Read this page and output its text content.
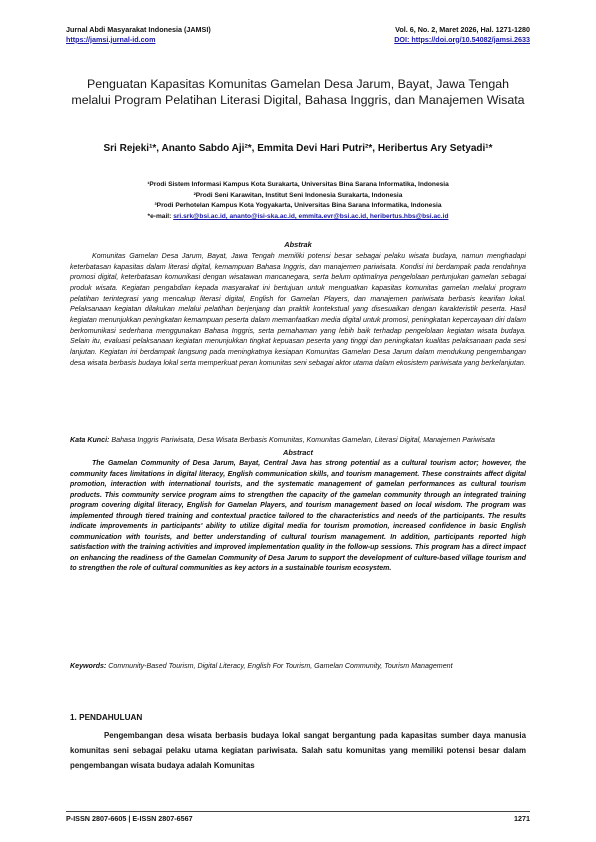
Jurnal Abdi Masyarakat Indonesia (JAMSI)
https://jamsi.jurnal-id.com
Vol. 6, No. 2, Maret 2026, Hal. 1271-1280
DOI: https://doi.org/10.54082/jamsi.2633
Penguatan Kapasitas Komunitas Gamelan Desa Jarum, Bayat, Jawa Tengah melalui Program Pelatihan Literasi Digital, Bahasa Inggris, dan Manajemen Wisata
Sri Rejeki¹*, Ananto Sabdo Aji²*, Emmita Devi Hari Putri²*, Heribertus Ary Setyadi¹*
¹Prodi Sistem Informasi Kampus Kota Surakarta, Universitas Bina Sarana Informatika, Indonesia
²Prodi Seni Karawitan, Institut Seni Indonesia Surakarta, Indonesia
³Prodi Perhotelan Kampus Kota Yogyakarta, Universitas Bina Sarana Informatika, Indonesia
*e-mail: sri.srk@bsi.ac.id, ananto@isi-ska.ac.id, emmita.evr@bsi.ac.id, heribertus.hbs@bsi.ac.id
Abstrak
Komunitas Gamelan Desa Jarum, Bayat, Jawa Tengah memiliki potensi besar sebagai pelaku wisata budaya, namun menghadapi keterbatasan kapasitas dalam literasi digital, kemampuan Bahasa Inggris, dan manajemen pariwisata. Kondisi ini berdampak pada rendahnya promosi digital, keterbatasan komunikasi dengan wisatawan mancanegara, serta belum optimalnya pengelolaan pertunjukan gamelan sebagai produk wisata. Kegiatan pengabdian kepada masyarakat ini bertujuan untuk menguatkan kapasitas komunitas gamelan melalui program pelatihan terintegrasi yang mencakup literasi digital, English for Gamelan Players, dan manajemen pariwisata berbasis kearifan lokal. Pelaksanaan kegiatan dilakukan melalui pelatihan berjenjang dan praktik kontekstual yang disesuaikan dengan karakteristik peserta. Hasil kegiatan menunjukkan peningkatan kemampuan peserta dalam memanfaatkan media digital untuk promosi, peningkatan kepercayaan diri dalam berkomunikasi sederhana menggunakan Bahasa Inggris, serta pemahaman yang lebih baik terhadap pengelolaan kegiatan wisata budaya. Selain itu, evaluasi pelaksanaan kegiatan menunjukkan tingkat kepuasan peserta yang tinggi dan peningkatan kualitas pelaksanaan pada sesi lanjutan. Kegiatan ini berdampak langsung pada meningkatnya kesiapan Komunitas Gamelan Desa Jarum dalam mendukung pengembangan desa wisata berbasis budaya lokal serta memperkuat peran komunitas seni sebagai aktor utama dalam ekosistem pariwisata yang berkelanjutan.
Kata Kunci: Bahasa Inggris Pariwisata, Desa Wisata Berbasis Komunitas, Komunitas Gamelan, Literasi Digital, Manajemen Pariwisata
Abstract
The Gamelan Community of Desa Jarum, Bayat, Central Java has strong potential as a cultural tourism actor; however, the community faces limitations in digital literacy, English communication skills, and tourism management. These constraints affect digital promotion, interaction with international tourists, and the systematic management of gamelan performances as cultural tourism products. This community service program aims to strengthen the capacity of the gamelan community through an integrated training program covering digital literacy, English for Gamelan Players, and tourism management based on local wisdom. The program was implemented through tiered training and contextual practice tailored to the characteristics and needs of the participants. The results indicate improvements in participants' ability to utilize digital media for tourism promotion, increased confidence in basic English communication with tourists, and better understanding of cultural tourism management. In addition, participants reported high satisfaction with the training activities and improved implementation quality in the follow-up sessions. This program has a direct impact on enhancing the readiness of the Gamelan Community of Desa Jarum to support the development of culture-based village tourism and to strengthen the role of cultural communities as key actors in a sustainable tourism ecosystem.
Keywords: Community-Based Tourism, Digital Literacy, English For Tourism, Gamelan Community, Tourism Management
1. PENDAHULUAN
Pengembangan desa wisata berbasis budaya lokal sangat bergantung pada kapasitas sumber daya manusia komunitas seni sebagai pelaku utama kegiatan pariwisata. Salah satu komunitas yang memiliki potensi besar dalam pengembangan wisata budaya adalah Komunitas
P-ISSN 2807-6605 | E-ISSN 2807-6567	1271
